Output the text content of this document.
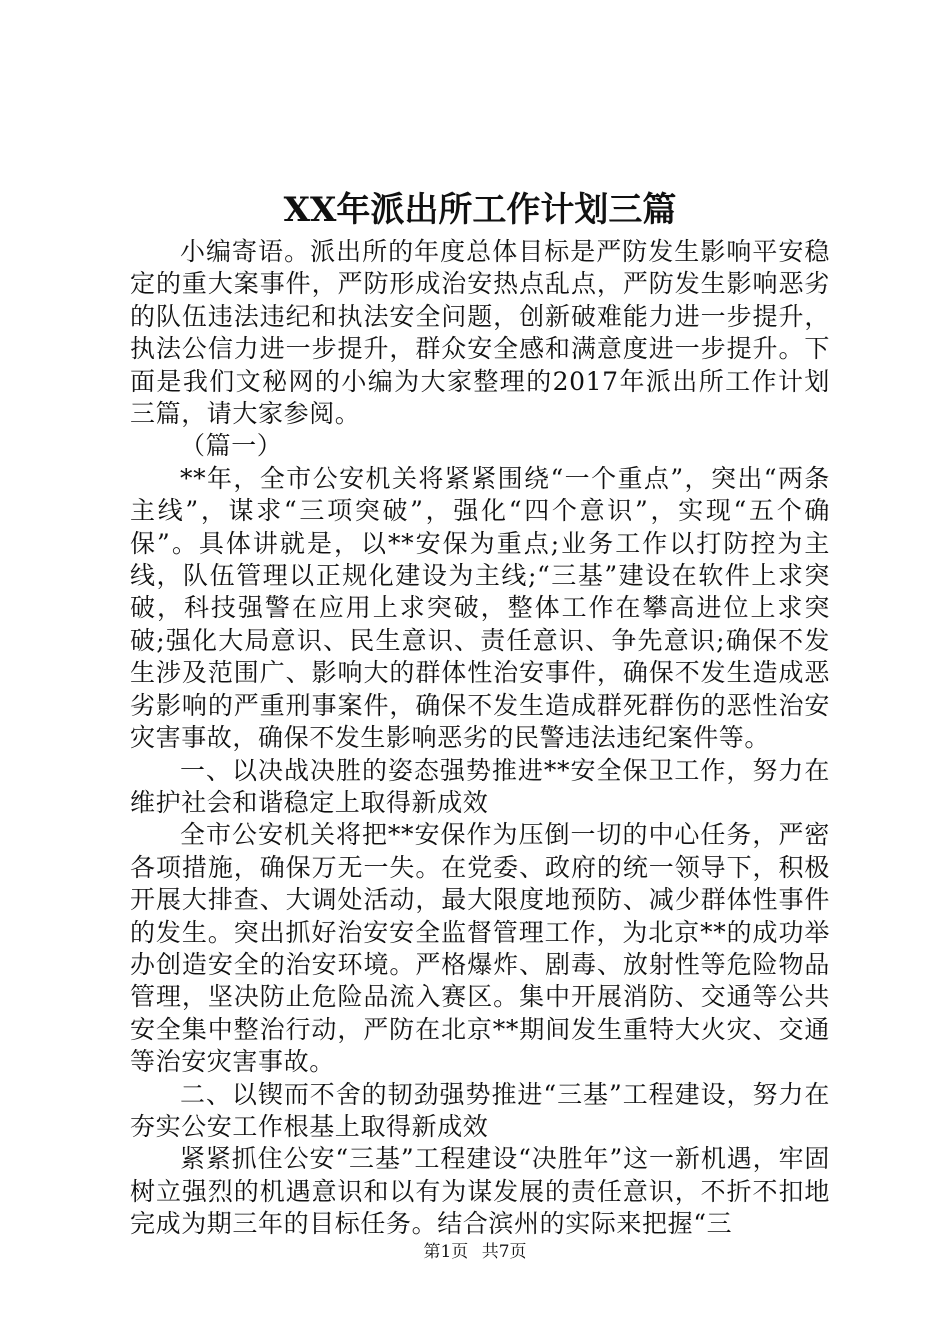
XX年派出所工作计划三篇

小编寄语。派出所的年度总体目标是严防发生影响平安稳定的重大案事件，严防形成治安热点乱点，严防发生影响恶劣的队伍违法违纪和执法安全问题，创新破难能力进一步提升，执法公信力进一步提升，群众安全感和满意度进一步提升。下面是我们文秘网的小编为大家整理的2017年派出所工作计划三篇，请大家参阅。

（篇一）

**年，全市公安机关将紧紧围绕“一个重点”，突出“两条主线”，谋求“三项突破”，强化“四个意识”，实现“五个确保”。具体讲就是，以**安保为重点;业务工作以打防控为主线，队伍管理以正规化建设为主线;“三基”建设在软件上求突破，科技强警在应用上求突破，整体工作在攀高进位上求突破;强化大局意识、民生意识、责任意识、争先意识;确保不发生涉及范围广、影响大的群体性治安事件，确保不发生造成恶劣影响的严重刑事案件，确保不发生造成群死群伤的恶性治安灾害事故，确保不发生影响恶劣的民警违法违纪案件等。

一、以决战决胜的姿态强势推进**安全保卫工作，努力在维护社会和谐稳定上取得新成效

全市公安机关将把**安保作为压倒一切的中心任务，严密各项措施，确保万无一失。在党委、政府的统一领导下，积极开展大排查、大调处活动，最大限度地预防、减少群体性事件的发生。突出抓好治安安全监督管理工作，为北京**的成功举办创造安全的治安环境。严格爆炸、剧毒、放射性等危险物品管理，坚决防止危险品流入赛区。集中开展消防、交通等公共安全集中整治行动，严防在北京**期间发生重特大火灾、交通等治安灾害事故。

二、以锲而不舍的韧劲强势推进“三基”工程建设，努力在夯实公安工作根基上取得新成效

紧紧抓住公安“三基”工程建设“决胜年”这一新机遇，牢固树立强烈的机遇意识和以有为谋发展的责任意识，不折不扣地完成为期三年的目标任务。结合滨州的实际来把握“三

第1页 共7页
